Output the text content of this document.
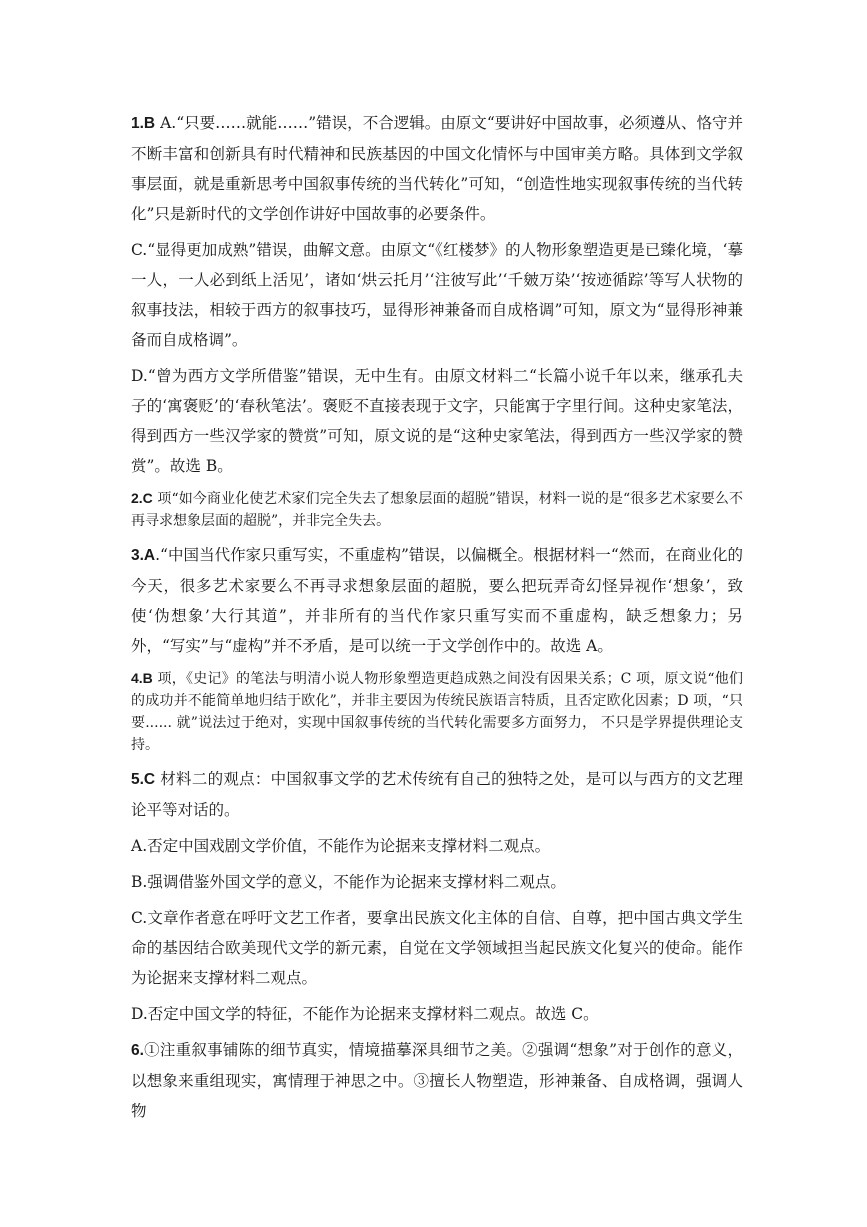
1.B A.“只要……就能……”错误，不合逻辑。由原文“要讲好中国故事，必须遵从、恪守并不断丰富和创新具有时代精神和民族基因的中国文化情怀与中国审美方略。具体到文学叙事层面，就是重新思考中国叙事传统的当代转化”可知，“创造性地实现叙事传统的当代转化”只是新时代的文学创作讲好中国故事的必要条件。

C.“显得更加成熟”错误，曲解文意。由原文“《红楼梦》的人物形象塑造更是已臻化境，‘摹一人，一人必到纸上活见’，诸如‘烘云托月’‘注彼写此’‘千皴万染’‘按迹循踪’等写人状物的叙事技法，相较于西方的叙事技巧，显得形神兼备而自成格调”可知，原文为“显得形神兼备而自成格调”。

D.“曾为西方文学所借鉴”错误，无中生有。由原文材料二“长篇小说千年以来，继承孔夫子的‘寓褒贬’的‘春秋笔法’。褒贬不直接表现于文字，只能寓于字里行间。这种史家笔法，得到西方一些汉学家的赞赏”可知，原文说的是“这种史家笔法，得到西方一些汉学家的赞赏”。故选 B。

2.C 项“如今商业化使艺术家们完全失去了想象层面的超脱”错误，材料一说的是“很多艺术家要么不再寻求想象层面的超脱”，并非完全失去。

3.A.“中国当代作家只重写实，不重虚构”错误，以偏概全。根据材料一“然而，在商业化的今天，很多艺术家要么不再寻求想象层面的超脱，要么把玩弄奇幻怪异视作‘想象’，致使‘伪想象’大行其道”，并非所有的当代作家只重写实而不重虚构，缺乏想象力；另外，“写实”与“虚构”并不矛盾，是可以统一于文学创作中的。故选 A。

4.B 项，《史记》的笔法与明清小说人物形象塑造更趋成熟之间没有因果关系；C 项，原文说“他们的成功并不能简单地归结于欧化”，并非主要因为传统民族语言特质，且否定欧化因素；D 项，“只要...... 就”说法过于绝对，实现中国叙事传统的当代转化需要多方面努力， 不只是学界提供理论支持。

5.C 材料二的观点：中国叙事文学的艺术传统有自己的独特之处，是可以与西方的文艺理论平等对话的。

A.否定中国戏剧文学价值，不能作为论据来支撑材料二观点。

B.强调借鉴外国文学的意义，不能作为论据来支撑材料二观点。

C.文章作者意在呼吁文艺工作者，要拿出民族文化主体的自信、自尊，把中国古典文学生命的基因结合欧美现代文学的新元素，自觉在文学领域担当起民族文化复兴的使命。能作为论据来支撑材料二观点。

D.否定中国文学的特征，不能作为论据来支撑材料二观点。故选 C。

6.①注重叙事铺陈的细节真实，情境描摹深具细节之美。②强调“想象”对于创作的意义，以想象来重组现实，寓情理于神思之中。③擅长人物塑造，形神兼备、自成格调，强调人物
